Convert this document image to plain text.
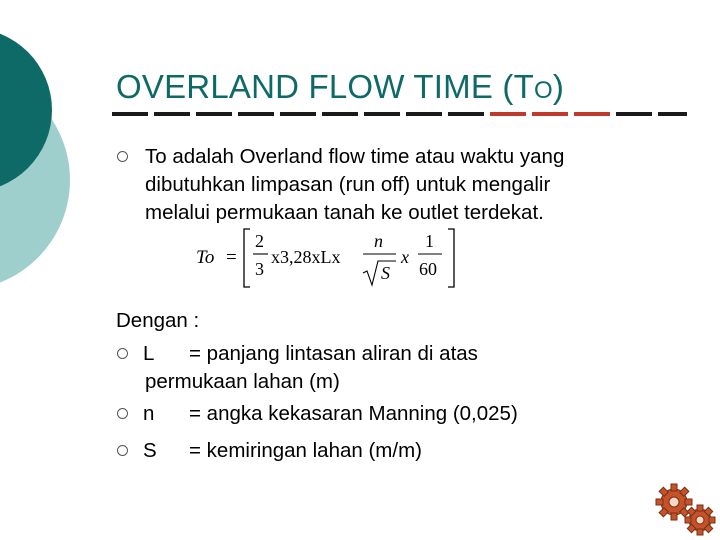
OVERLAND FLOW TIME (TO)
To adalah Overland flow time atau waktu yang
dibutuhkan limpasan (run off) untuk mengalir
melalui permukaan tanah ke outlet terdekat.
To =
2
3
x3,28xLx
n
S
x
1
60
Dengan :
L = panjang lintasan aliran di atas
permukaan lahan (m)
n = angka kekasaran Manning (0,025)
S = kemiringan lahan (m/m)
